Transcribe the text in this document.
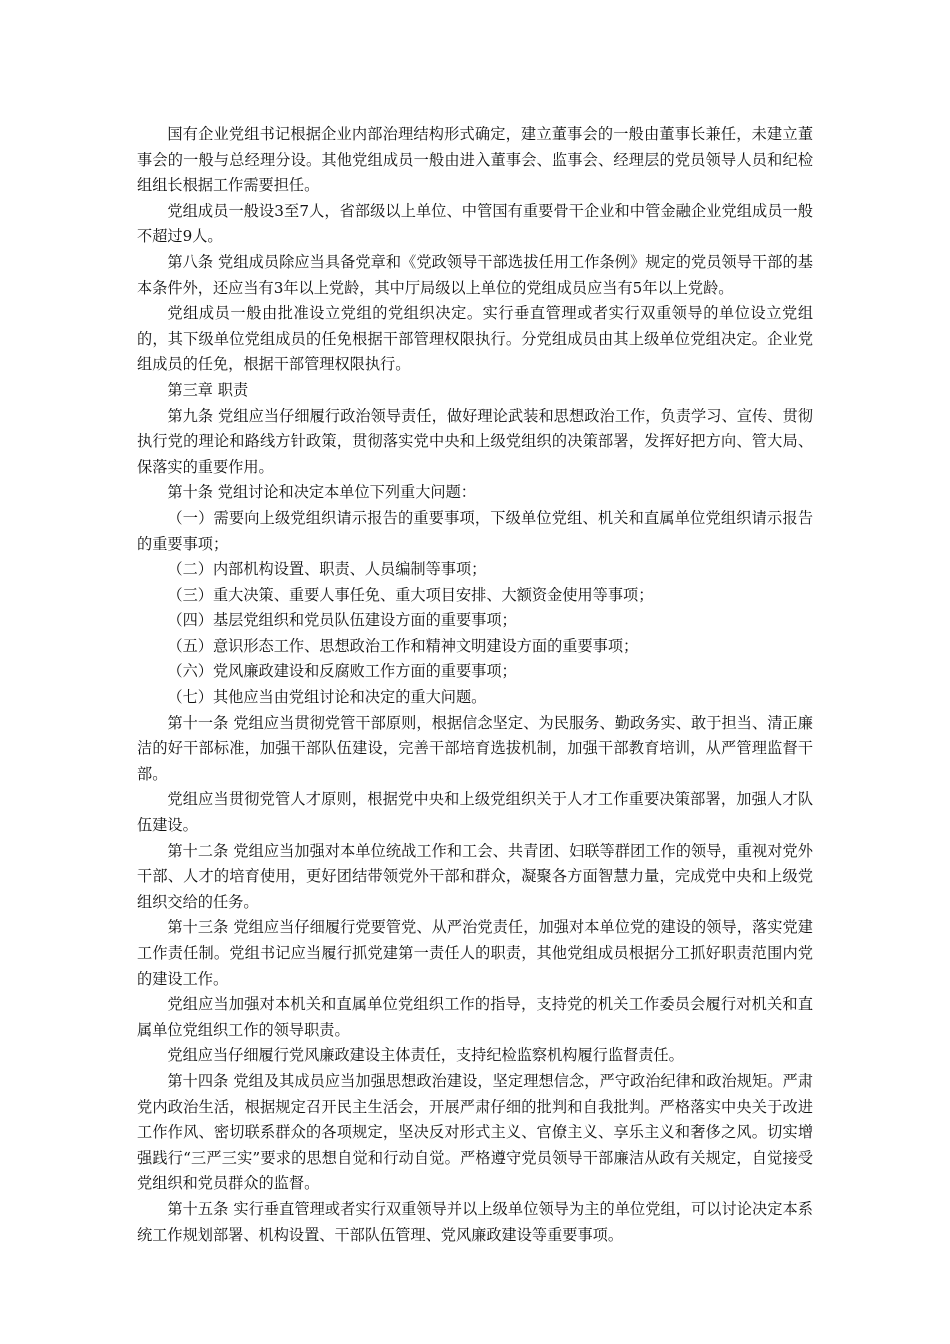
国有企业党组书记根据企业内部治理结构形式确定，建立董事会的一般由董事长兼任，未建立董事会的一般与总经理分设。其他党组成员一般由进入董事会、监事会、经理层的党员领导人员和纪检组组长根据工作需要担任。

党组成员一般设3至7人，省部级以上单位、中管国有重要骨干企业和中管金融企业党组成员一般不超过9人。

第八条 党组成员除应当具备党章和《党政领导干部选拔任用工作条例》规定的党员领导干部的基本条件外，还应当有3年以上党龄，其中厅局级以上单位的党组成员应当有5年以上党龄。

党组成员一般由批准设立党组的党组织决定。实行垂直管理或者实行双重领导的单位设立党组的，其下级单位党组成员的任免根据干部管理权限执行。分党组成员由其上级单位党组决定。企业党组成员的任免，根据干部管理权限执行。

第三章 职责

第九条 党组应当仔细履行政治领导责任，做好理论武装和思想政治工作，负责学习、宣传、贯彻执行党的理论和路线方针政策，贯彻落实党中央和上级党组织的决策部署，发挥好把方向、管大局、保落实的重要作用。

第十条 党组讨论和决定本单位下列重大问题：

（一）需要向上级党组织请示报告的重要事项，下级单位党组、机关和直属单位党组织请示报告的重要事项；

（二）内部机构设置、职责、人员编制等事项；

（三）重大决策、重要人事任免、重大项目安排、大额资金使用等事项；

（四）基层党组织和党员队伍建设方面的重要事项；

（五）意识形态工作、思想政治工作和精神文明建设方面的重要事项；

（六）党风廉政建设和反腐败工作方面的重要事项；

（七）其他应当由党组讨论和决定的重大问题。

第十一条 党组应当贯彻党管干部原则，根据信念坚定、为民服务、勤政务实、敢于担当、清正廉洁的好干部标准，加强干部队伍建设，完善干部培育选拔机制，加强干部教育培训，从严管理监督干部。

党组应当贯彻党管人才原则，根据党中央和上级党组织关于人才工作重要决策部署，加强人才队伍建设。

第十二条 党组应当加强对本单位统战工作和工会、共青团、妇联等群团工作的领导，重视对党外干部、人才的培育使用，更好团结带领党外干部和群众，凝聚各方面智慧力量，完成党中央和上级党组织交给的任务。

第十三条 党组应当仔细履行党要管党、从严治党责任，加强对本单位党的建设的领导，落实党建工作责任制。党组书记应当履行抓党建第一责任人的职责，其他党组成员根据分工抓好职责范围内党的建设工作。

党组应当加强对本机关和直属单位党组织工作的指导，支持党的机关工作委员会履行对机关和直属单位党组织工作的领导职责。

党组应当仔细履行党风廉政建设主体责任，支持纪检监察机构履行监督责任。

第十四条 党组及其成员应当加强思想政治建设，坚定理想信念，严守政治纪律和政治规矩。严肃党内政治生活，根据规定召开民主生活会，开展严肃仔细的批判和自我批判。严格落实中央关于改进工作作风、密切联系群众的各项规定，坚决反对形式主义、官僚主义、享乐主义和奢侈之风。切实增强践行“三严三实”要求的思想自觉和行动自觉。严格遵守党员领导干部廉洁从政有关规定，自觉接受党组织和党员群众的监督。

第十五条 实行垂直管理或者实行双重领导并以上级单位领导为主的单位党组，可以讨论决定本系统工作规划部署、机构设置、干部队伍管理、党风廉政建设等重要事项。
